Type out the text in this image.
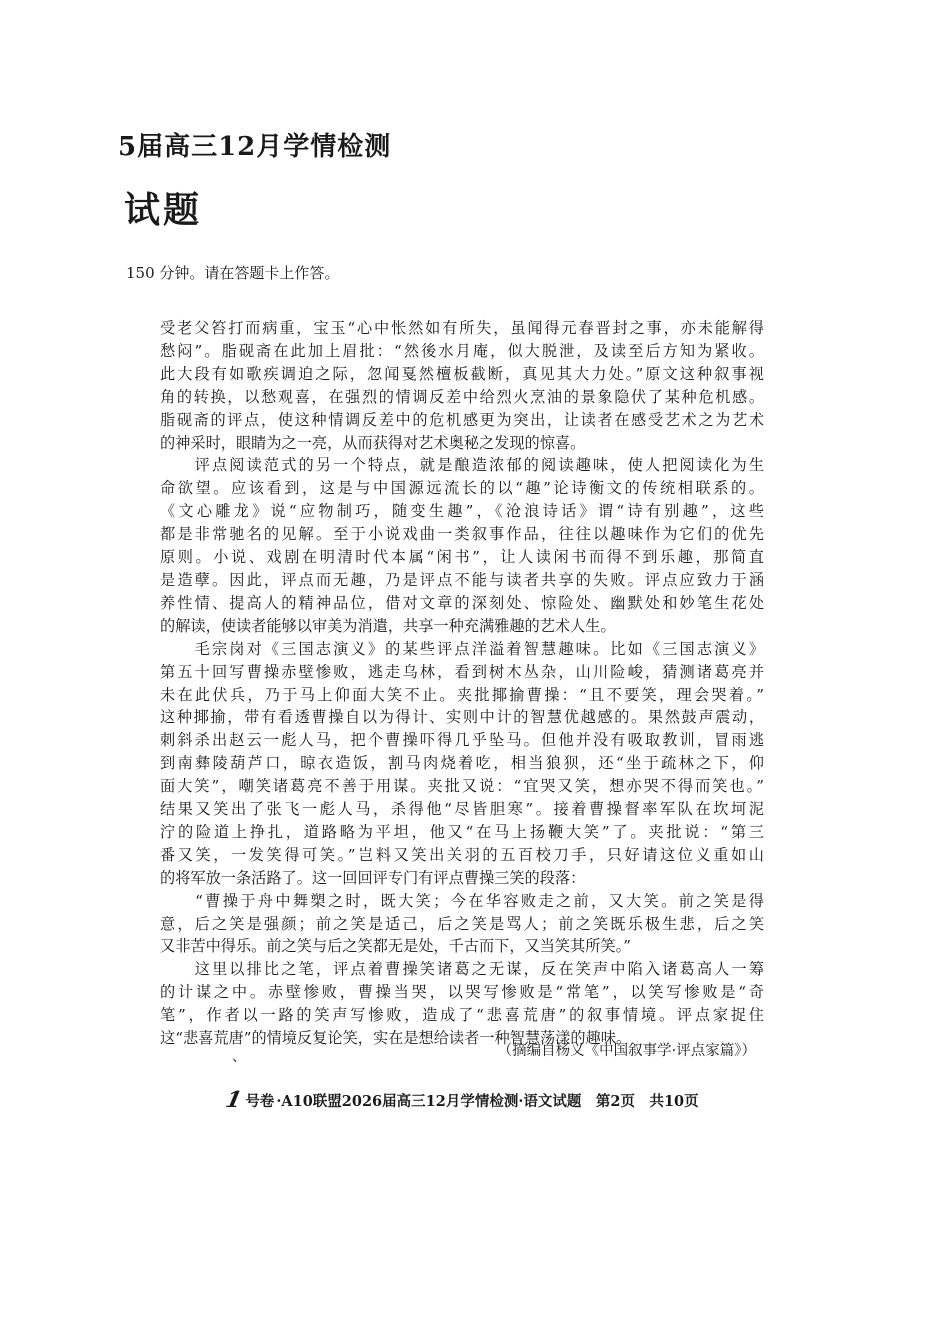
5届高三12月学情检测
试题
150 分钟。请在答题卡上作答。
受老父笞打而病重，宝玉“心中怅然如有所失，虽闻得元春晋封之事，亦未能解得
愁闷”。脂砚斋在此加上眉批：“然後水月庵，似大脱泄，及读至后方知为紧收。
此大段有如歌疾调迫之际，忽闻戛然檀板截断，真见其大力处。”原文这种叙事视
角的转换，以愁观喜，在强烈的情调反差中给烈火烹油的景象隐伏了某种危机感。
脂砚斋的评点，使这种情调反差中的危机感更为突出，让读者在感受艺术之为艺术
的神采时，眼睛为之一亮，从而获得对艺术奥秘之发现的惊喜。
　　评点阅读范式的另一个特点，就是酿造浓郁的阅读趣味，使人把阅读化为生
命欲望。应该看到，这是与中国源远流长的以“趣”论诗衡文的传统相联系的。
《文心雕龙》说“应物制巧，随变生趣”，《沧浪诗话》谓“诗有别趣”，这些
都是非常驰名的见解。至于小说戏曲一类叙事作品，往往以趣味作为它们的优先
原则。小说、戏剧在明清时代本属“闲书”，让人读闲书而得不到乐趣，那简直
是造孽。因此，评点而无趣，乃是评点不能与读者共享的失败。评点应致力于涵
养性情、提高人的精神品位，借对文章的深刻处、惊险处、幽默处和妙笔生花处
的解读，使读者能够以审美为消遣，共享一种充满雅趣的艺术人生。
　　毛宗岗对《三国志演义》的某些评点洋溢着智慧趣味。比如《三国志演义》
第五十回写曹操赤壁惨败，逃走乌林，看到树木丛杂，山川险峻，猜测诸葛亮并
未在此伏兵，乃于马上仰面大笑不止。夹批揶揄曹操：“且不要笑，理会哭着。”
这种揶揄，带有看透曹操自以为得计、实则中计的智慧优越感的。果然鼓声震动，
刺斜杀出赵云一彪人马，把个曹操吓得几乎坠马。但他并没有吸取教训，冒雨逃
到南彝陵葫芦口，晾衣造饭，割马肉烧着吃，相当狼狈，还“坐于疏林之下，仰
面大笑”，嘲笑诸葛亮不善于用谋。夹批又说：“宜哭又笑，想亦哭不得而笑也。”
结果又笑出了张飞一彪人马，杀得他“尽皆胆寒”。接着曹操督率军队在坎坷泥
泞的险道上挣扎，道路略为平坦，他又“在马上扬鞭大笑”了。夹批说：“第三
番又笑，一发笑得可笑。”岂料又笑出关羽的五百校刀手，只好请这位义重如山
的将军放一条活路了。这一回回评专门有评点曹操三笑的段落：
　　“曹操于舟中舞槊之时，既大笑；今在华容败走之前，又大笑。前之笑是得
意，后之笑是强颜；前之笑是适己，后之笑是骂人；前之笑既乐极生悲，后之笑
又非苦中得乐。前之笑与后之笑都无是处，千古而下，又当笑其所笑。”
　　这里以排比之笔，评点着曹操笑诸葛之无谋，反在笑声中陷入诸葛高人一筹
的计谋之中。赤壁惨败，曹操当哭，以哭写惨败是“常笔”，以笑写惨败是“奇
笔”，作者以一路的笑声写惨败，造成了“悲喜荒唐”的叙事情境。评点家捉住
这“悲喜荒唐”的情境反复论笑，实在是想给读者一种智慧荡漾的趣味。
、	（摘编自杨义《中国叙事学·评点家篇》）
1 号卷 ·A10联盟2026届高三12月学情检测·语文试题　第2页　共10页
